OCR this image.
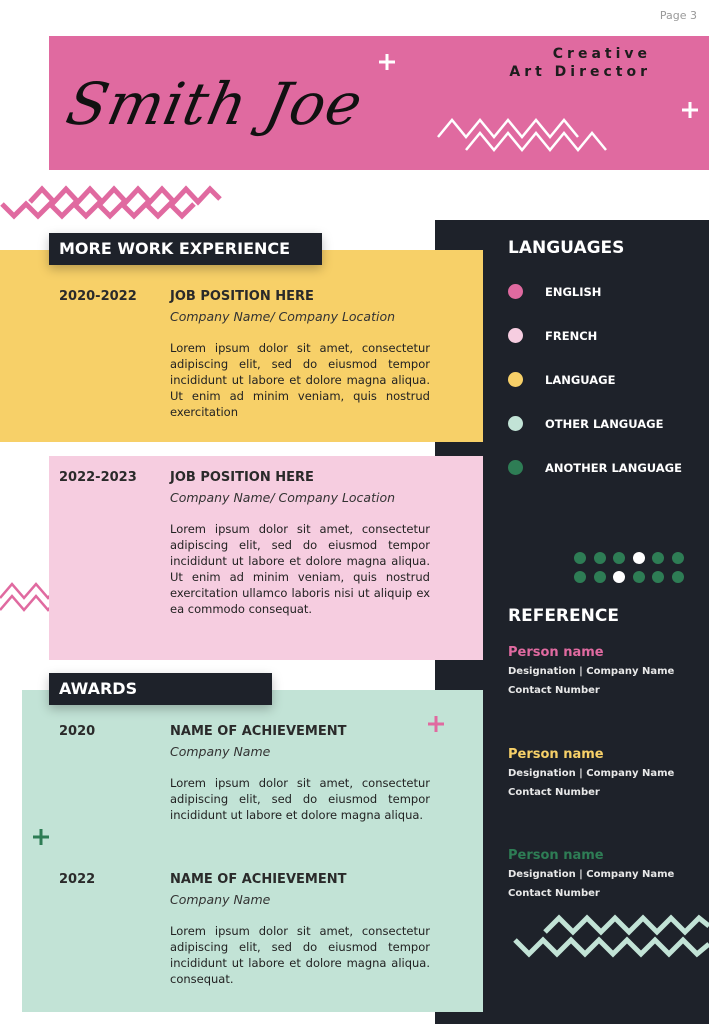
Page 3
Smith Joe
Creative
Art Director
MORE WORK EXPERIENCE
2020-2022	JOB POSITION HERE
Company Name/ Company Location
Lorem ipsum dolor sit amet, consectetur adipiscing elit, sed do eiusmod tempor incididunt ut labore et dolore magna aliqua. Ut enim ad minim veniam, quis nostrud exercitation
2022-2023	JOB POSITION HERE
Company Name/ Company Location
Lorem ipsum dolor sit amet, consectetur adipiscing elit, sed do eiusmod tempor incididunt ut labore et dolore magna aliqua. Ut enim ad minim veniam, quis nostrud exercitation ullamco laboris nisi ut aliquip ex ea commodo consequat.
AWARDS
2020	NAME OF ACHIEVEMENT
Company Name
Lorem ipsum dolor sit amet, consectetur adipiscing elit, sed do eiusmod tempor incididunt ut labore et dolore magna aliqua.
2022	NAME OF ACHIEVEMENT
Company Name
Lorem ipsum dolor sit amet, consectetur adipiscing elit, sed do eiusmod tempor incididunt ut labore et dolore magna aliqua. consequat.
LANGUAGES
ENGLISH
FRENCH
LANGUAGE
OTHER LANGUAGE
ANOTHER LANGUAGE
REFERENCE
Person name
Designation | Company Name
Contact Number
Person name
Designation | Company Name
Contact Number
Person name
Designation | Company Name
Contact Number
